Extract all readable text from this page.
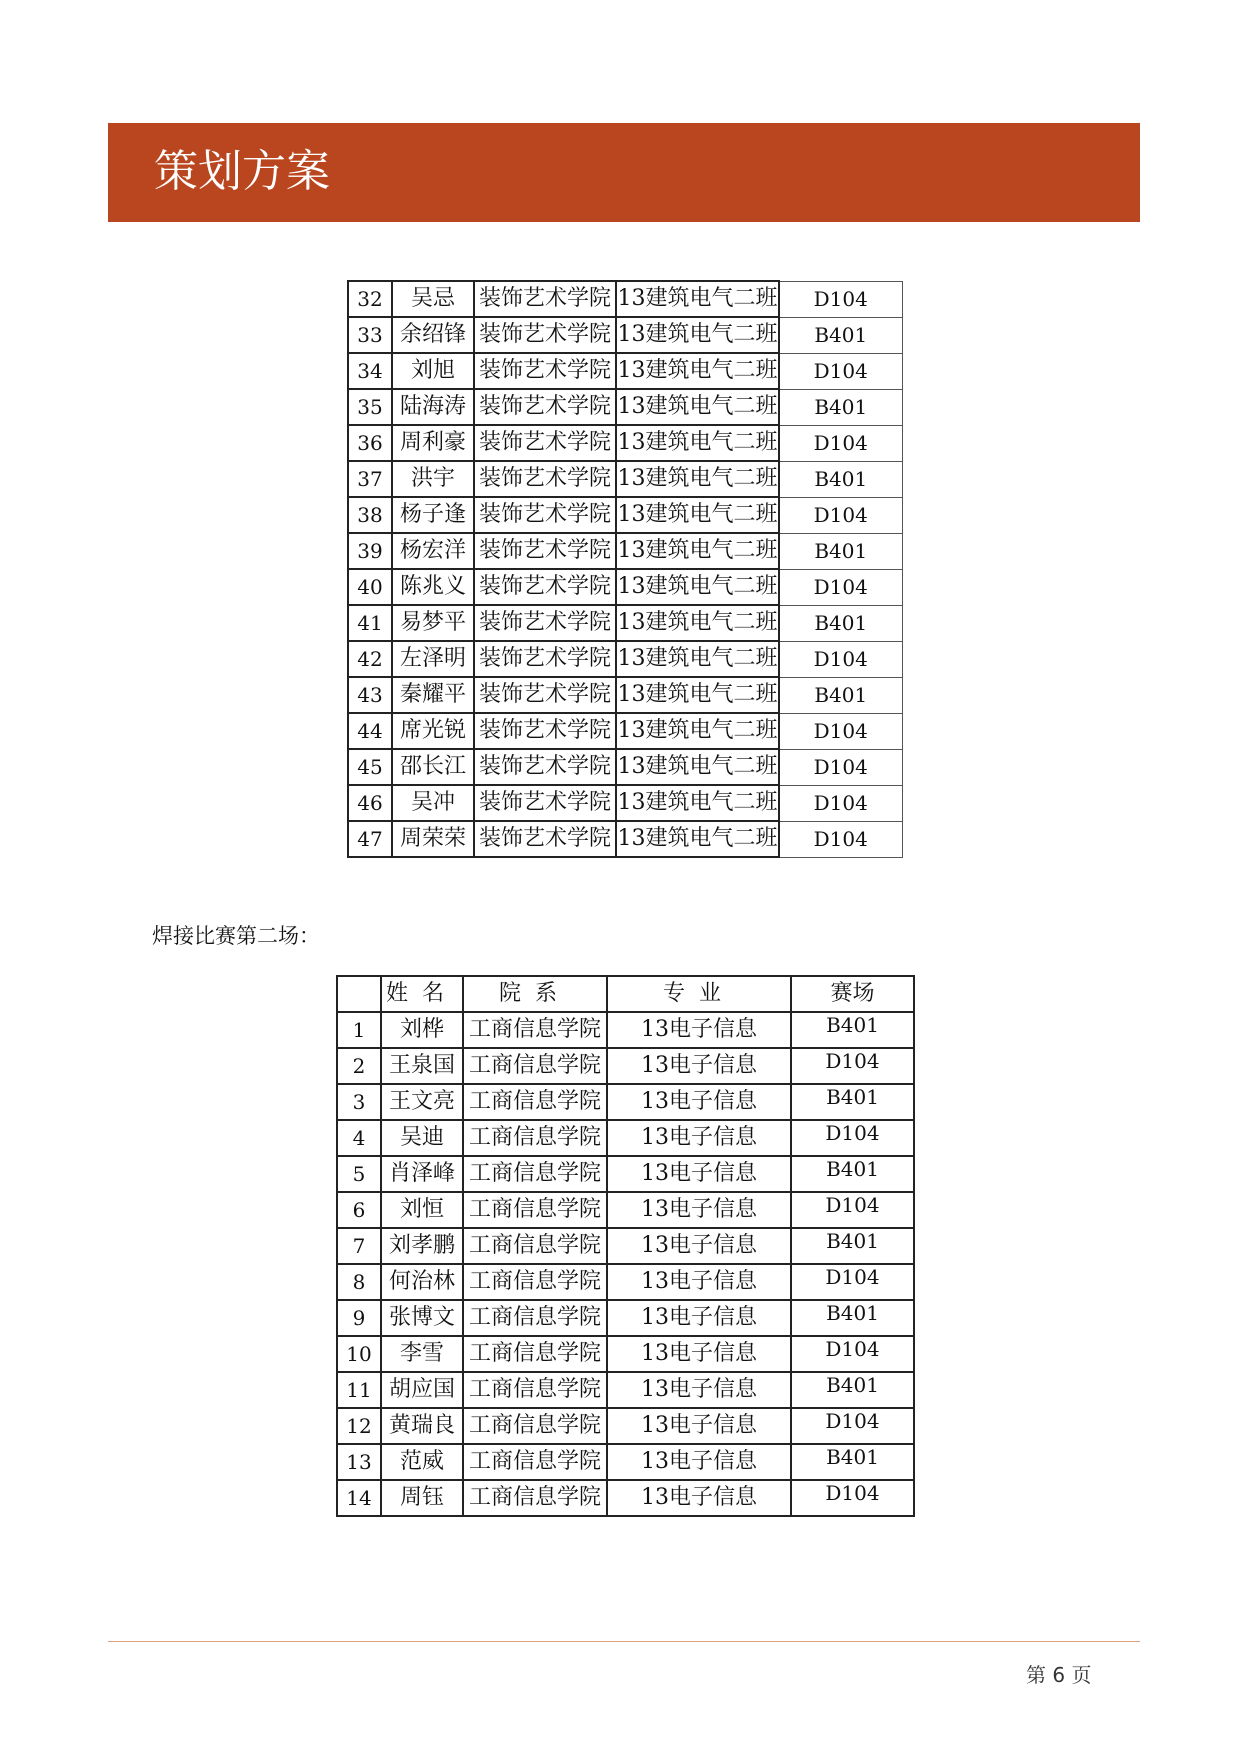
策划方案
32	吴忌	装饰艺术学院	13建筑电气二班	D104
33	余绍锋	装饰艺术学院	13建筑电气二班	B401
34	刘旭	装饰艺术学院	13建筑电气二班	D104
35	陆海涛	装饰艺术学院	13建筑电气二班	B401
36	周利豪	装饰艺术学院	13建筑电气二班	D104
37	洪宇	装饰艺术学院	13建筑电气二班	B401
38	杨子逢	装饰艺术学院	13建筑电气二班	D104
39	杨宏洋	装饰艺术学院	13建筑电气二班	B401
40	陈兆义	装饰艺术学院	13建筑电气二班	D104
41	易梦平	装饰艺术学院	13建筑电气二班	B401
42	左泽明	装饰艺术学院	13建筑电气二班	D104
43	秦耀平	装饰艺术学院	13建筑电气二班	B401
44	席光锐	装饰艺术学院	13建筑电气二班	D104
45	邵长江	装饰艺术学院	13建筑电气二班	D104
46	吴冲	装饰艺术学院	13建筑电气二班	D104
47	周荣荣	装饰艺术学院	13建筑电气二班	D104
焊接比赛第二场：
	姓名	院系	专业	赛场
1	刘桦	工商信息学院	13电子信息	B401
2	王泉国	工商信息学院	13电子信息	D104
3	王文亮	工商信息学院	13电子信息	B401
4	吴迪	工商信息学院	13电子信息	D104
5	肖泽峰	工商信息学院	13电子信息	B401
6	刘恒	工商信息学院	13电子信息	D104
7	刘孝鹏	工商信息学院	13电子信息	B401
8	何治林	工商信息学院	13电子信息	D104
9	张博文	工商信息学院	13电子信息	B401
10	李雪	工商信息学院	13电子信息	D104
11	胡应国	工商信息学院	13电子信息	B401
12	黄瑞良	工商信息学院	13电子信息	D104
13	范威	工商信息学院	13电子信息	B401
14	周钰	工商信息学院	13电子信息	D104
第 6 页
